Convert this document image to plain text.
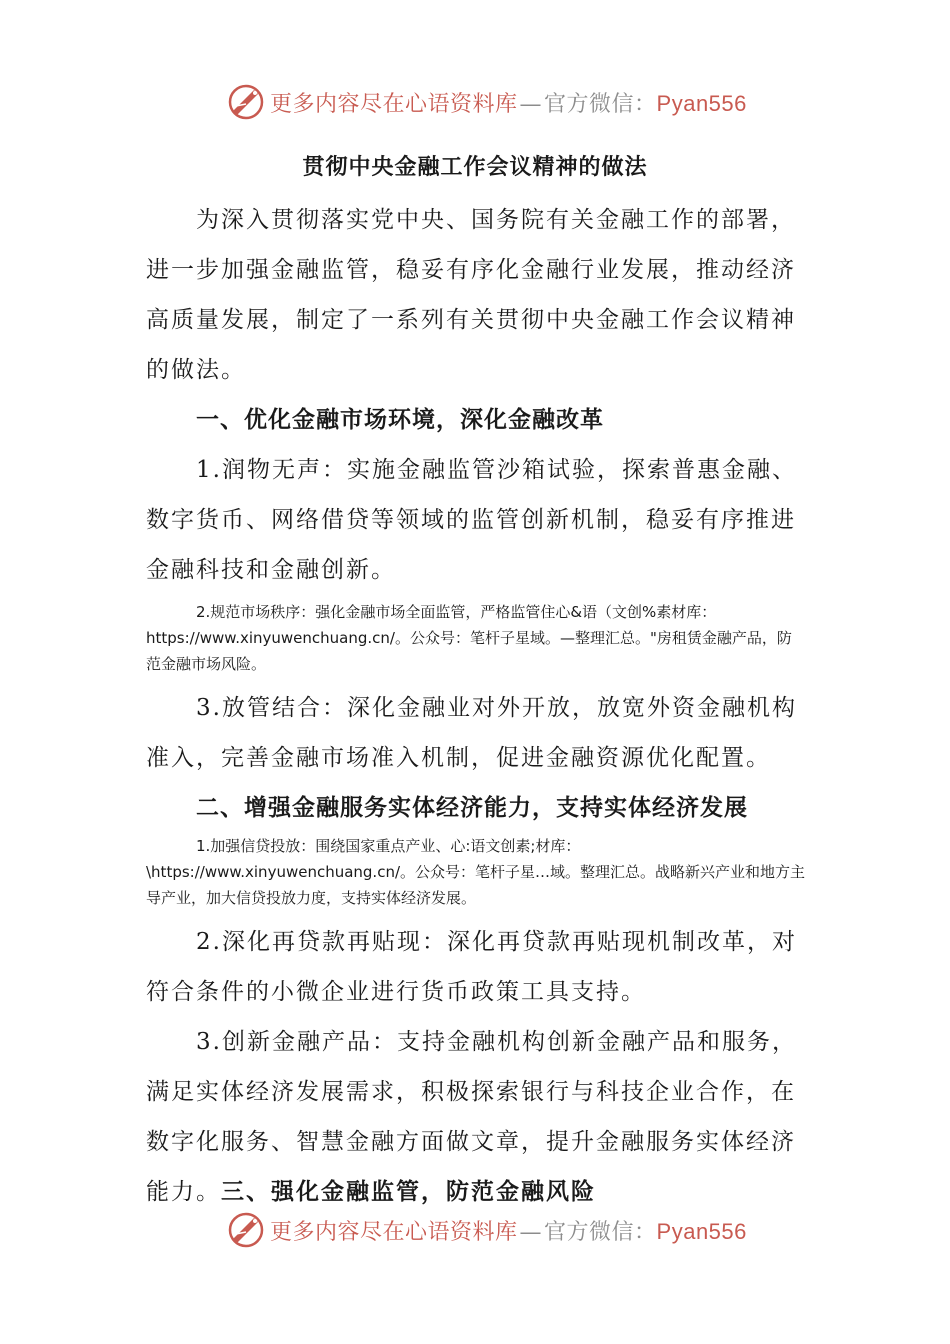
更多内容尽在心语资料库—官方微信：Pyan556
贯彻中央金融工作会议精神的做法

为深入贯彻落实党中央、国务院有关金融工作的部署，进一步加强金融监管，稳妥有序化金融行业发展，推动经济高质量发展，制定了一系列有关贯彻中央金融工作会议精神的做法。

一、优化金融市场环境，深化金融改革

1.润物无声：实施金融监管沙箱试验，探索普惠金融、数字货币、网络借贷等领域的监管创新机制，稳妥有序推进金融科技和金融创新。

2.规范市场秩序：强化金融市场全面监管，严格监管住心&语（文创%素材库：https://www.xinyuwenchuang.cn/。公众号：笔杆子星域。—整理汇总。"房租赁金融产品，防范金融市场风险。

3.放管结合：深化金融业对外开放，放宽外资金融机构准入，完善金融市场准入机制，促进金融资源优化配置。

二、增强金融服务实体经济能力，支持实体经济发展

1.加强信贷投放：围绕国家重点产业、心:语文创素;材库：\https://www.xinyuwenchuang.cn/。公众号：笔杆子星…域。整理汇总。战略新兴产业和地方主导产业，加大信贷投放力度，支持实体经济发展。

2.深化再贷款再贴现：深化再贷款再贴现机制改革，对符合条件的小微企业进行货币政策工具支持。

3.创新金融产品：支持金融机构创新金融产品和服务，满足实体经济发展需求，积极探索银行与科技企业合作，在数字化服务、智慧金融方面做文章，提升金融服务实体经济能力。三、强化金融监管，防范金融风险

更多内容尽在心语资料库—官方微信：Pyan556
